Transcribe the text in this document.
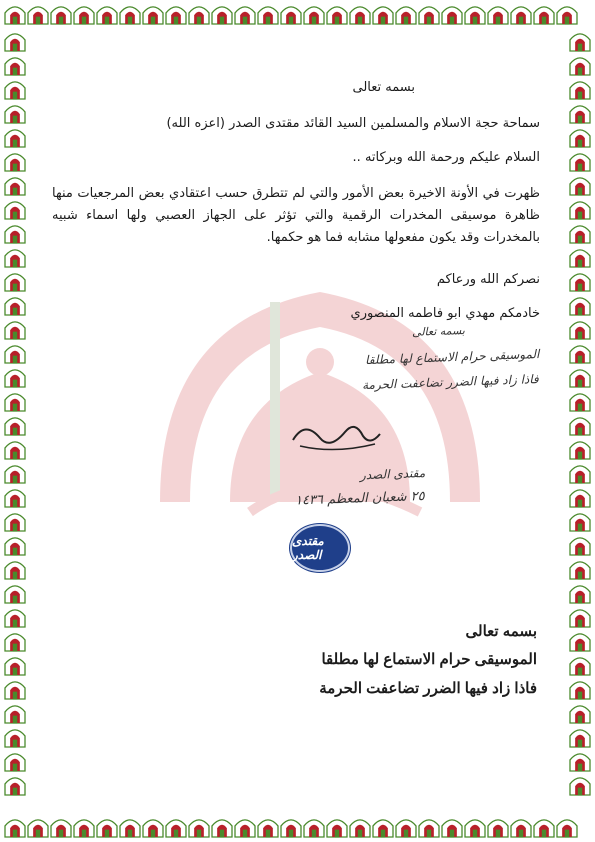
بسمه تعالى
سماحة حجة الاسلام والمسلمين السيد القائد مقتدى الصدر (اعزه الله)
السلام عليكم ورحمة الله وبركاته ..
ظهرت في الأونة الاخيرة بعض الأمور والتي لم تتطرق حسب اعتقادي بعض المرجعيات منها ظاهرة موسيقى المخدرات الرقمية والتي تؤثر على الجهاز العصبي ولها اسماء شبيه بالمخدرات وقد يكون مفعولها مشابه فما هو حكمها.
نصركم الله ورعاكم
خادمكم مهدي ابو فاطمه المنصوري
بسمه تعالى
الموسيقى حرام الاستماع لها مطلقا
فاذا زاد فيها الضرر تضاعفت الحرمة
مقتدى الصدر
٢٥ شعبان المعظم ١٤٣٦
مقتدى الصدر
بسمه تعالى
الموسيقى حرام الاستماع لها مطلقا
فاذا زاد فيها الضرر تضاعفت الحرمة
